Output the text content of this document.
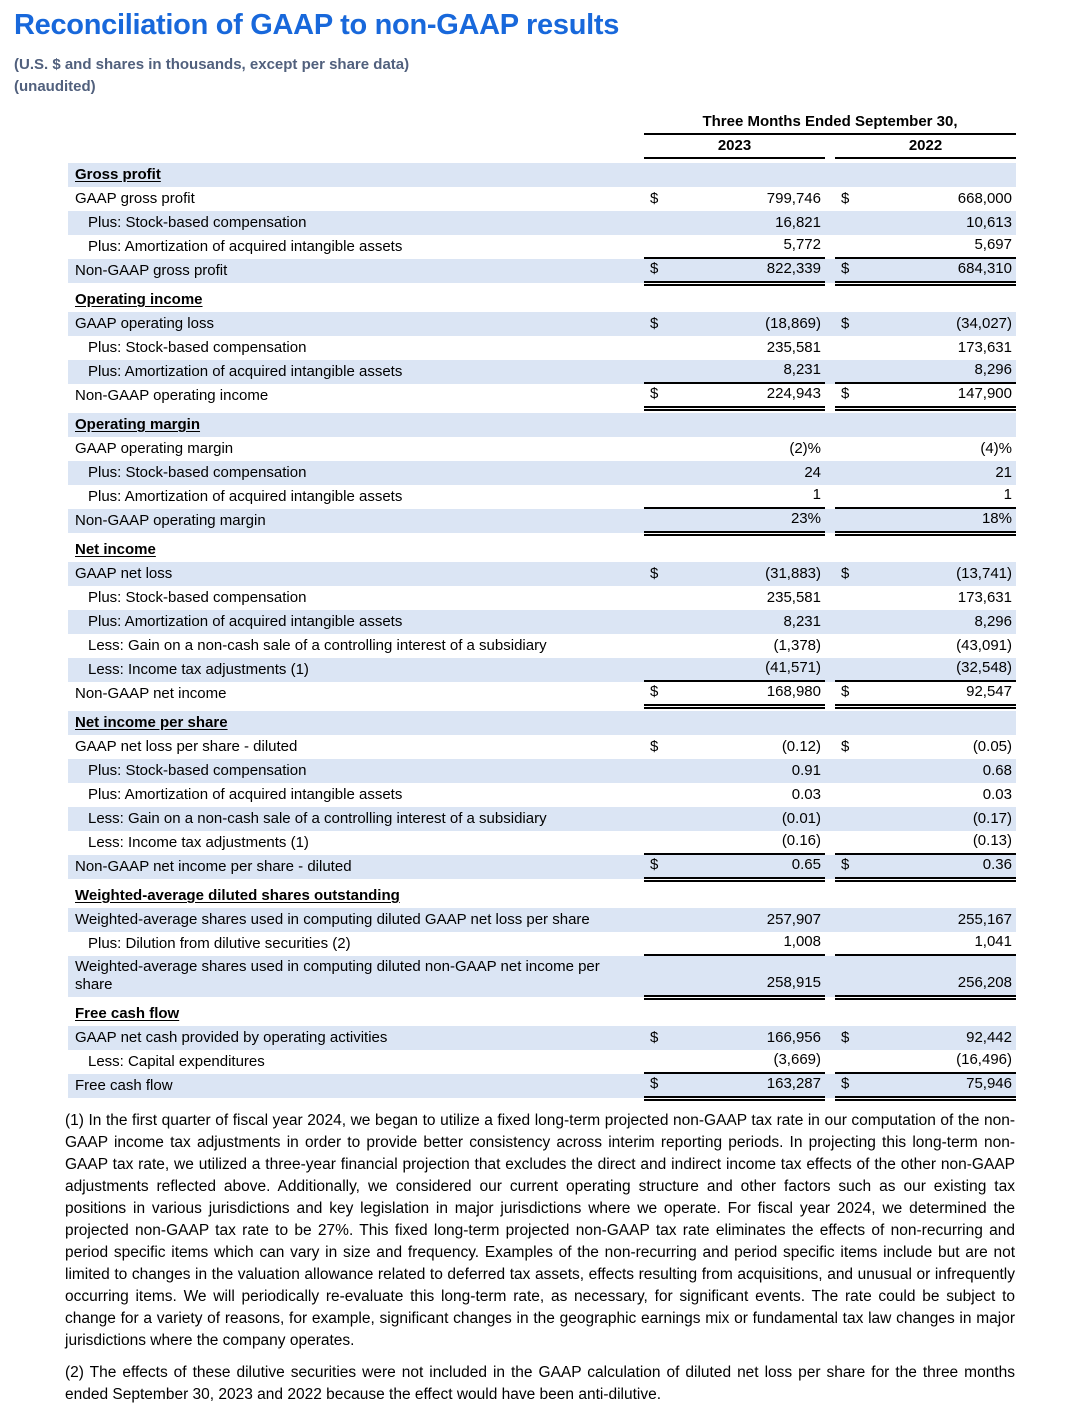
Reconciliation of GAAP to non-GAAP results
(U.S. $ and shares in thousands, except per share data)
(unaudited)
Three Months Ended September 30,
2023	2022
Gross profit
GAAP gross profit	$	799,746 $	668,000
Plus: Stock-based compensation	16,821	10,613
Plus: Amortization of acquired intangible assets	5,772	5,697
Non-GAAP gross profit	$	822,339 $	684,310
Operating income
GAAP operating loss	$	(18,869) $	(34,027)
Plus: Stock-based compensation	235,581	173,631
Plus: Amortization of acquired intangible assets	8,231	8,296
Non-GAAP operating income	$	224,943 $	147,900
Operating margin
GAAP operating margin	(2)%	(4)%
Plus: Stock-based compensation	24	21
Plus: Amortization of acquired intangible assets	1	1
Non-GAAP operating margin	23%	18%
Net income
GAAP net loss	$	(31,883) $	(13,741)
Plus: Stock-based compensation	235,581	173,631
Plus: Amortization of acquired intangible assets	8,231	8,296
Less: Gain on a non-cash sale of a controlling interest of a subsidiary	(1,378)	(43,091)
Less: Income tax adjustments (1)	(41,571)	(32,548)
Non-GAAP net income	$	168,980 $	92,547
Net income per share
GAAP net loss per share - diluted	$	(0.12) $	(0.05)
Plus: Stock-based compensation	0.91	0.68
Plus: Amortization of acquired intangible assets	0.03	0.03
Less: Gain on a non-cash sale of a controlling interest of a subsidiary	(0.01)	(0.17)
Less: Income tax adjustments (1)	(0.16)	(0.13)
Non-GAAP net income per share - diluted	$	0.65 $	0.36
Weighted-average diluted shares outstanding
Weighted-average shares used in computing diluted GAAP net loss per share	257,907	255,167
Plus: Dilution from dilutive securities (2)	1,008	1,041
Weighted-average shares used in computing diluted non-GAAP net income per share	258,915	256,208
Free cash flow
GAAP net cash provided by operating activities	$	166,956 $	92,442
Less: Capital expenditures	(3,669)	(16,496)
Free cash flow	$	163,287 $	75,946
(1) In the first quarter of fiscal year 2024, we began to utilize a fixed long-term projected non-GAAP tax rate in our computation of the non-GAAP income tax adjustments in order to provide better consistency across interim reporting periods. In projecting this long-term non-GAAP tax rate, we utilized a three-year financial projection that excludes the direct and indirect income tax effects of the other non-GAAP adjustments reflected above. Additionally, we considered our current operating structure and other factors such as our existing tax positions in various jurisdictions and key legislation in major jurisdictions where we operate. For fiscal year 2024, we determined the projected non-GAAP tax rate to be 27%. This fixed long-term projected non-GAAP tax rate eliminates the effects of non-recurring and period specific items which can vary in size and frequency. Examples of the non-recurring and period specific items include but are not limited to changes in the valuation allowance related to deferred tax assets, effects resulting from acquisitions, and unusual or infrequently occurring items. We will periodically re-evaluate this long-term rate, as necessary, for significant events. The rate could be subject to change for a variety of reasons, for example, significant changes in the geographic earnings mix or fundamental tax law changes in major jurisdictions where the company operates.
(2) The effects of these dilutive securities were not included in the GAAP calculation of diluted net loss per share for the three months ended September 30, 2023 and 2022 because the effect would have been anti-dilutive.
